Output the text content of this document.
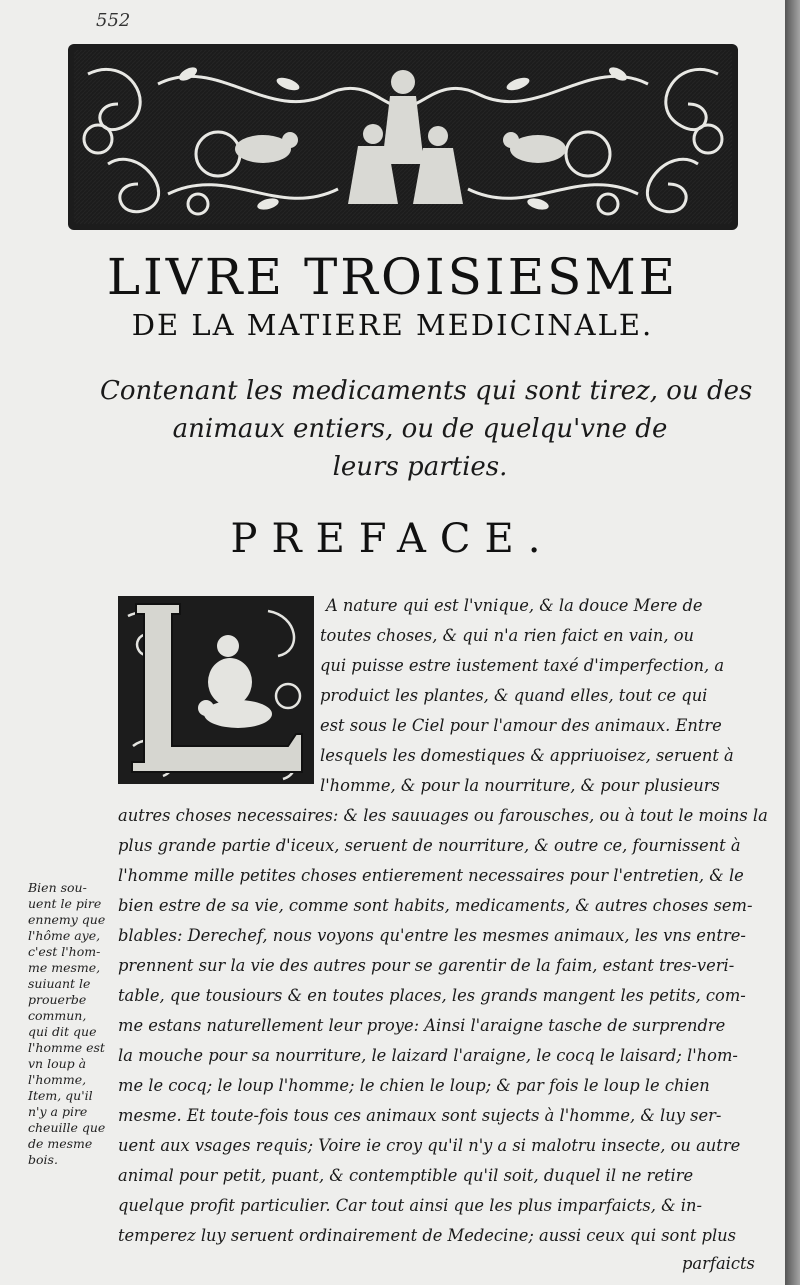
552
LIVRE TROISIESME
DE LA MATIERE MEDICINALE.
Contenant les medicaments qui sont tirez, ou des
animaux entiers, ou de quelqu'vne de
leurs parties.
PREFACE.
A nature qui est l'vnique, & la douce Mere de
toutes choses, & qui n'a rien faict en vain, ou
qui puisse estre iustement taxé d'imperfection, a
produict les plantes, & quand elles, tout ce qui
est sous le Ciel pour l'amour des animaux. Entre
lesquels les domestiques & appriuoisez, seruent à
l'homme, & pour la nourriture, & pour plusieurs
autres choses necessaires: & les sauuages ou farousches, ou à tout le moins la
plus grande partie d'iceux, seruent de nourriture, & outre ce, fournissent à
l'homme mille petites choses entierement necessaires pour l'entretien, & le
bien estre de sa vie, comme sont habits, medicaments, & autres choses sem-
blables: Derechef, nous voyons qu'entre les mesmes animaux, les vns entre-
prennent sur la vie des autres pour se garentir de la faim, estant tres-veri-
table, que tousiours & en toutes places, les grands mangent les petits, com-
me estans naturellement leur proye: Ainsi l'araigne tasche de surprendre
la mouche pour sa nourriture, le laizard l'araigne, le cocq le laisard; l'hom-
me le cocq; le loup l'homme; le chien le loup; & par fois le loup le chien
mesme. Et toute-fois tous ces animaux sont sujects à l'homme, & luy ser-
uent aux vsages requis; Voire ie croy qu'il n'y a si malotru insecte, ou autre
animal pour petit, puant, & contemptible qu'il soit, duquel il ne retire
quelque profit particulier. Car tout ainsi que les plus imparfaicts, & in-
temperez luy seruent ordinairement de Medecine; aussi ceux qui sont plus
parfaicts
Bien sou-
uent le pire
ennemy que
l'hôme aye,
c'est l'hom-
me mesme,
suiuant le
prouerbe
commun,
qui dit que
l'homme est
vn loup à
l'homme,
Item, qu'il
n'y a pire
cheuille que
de mesme
bois.
